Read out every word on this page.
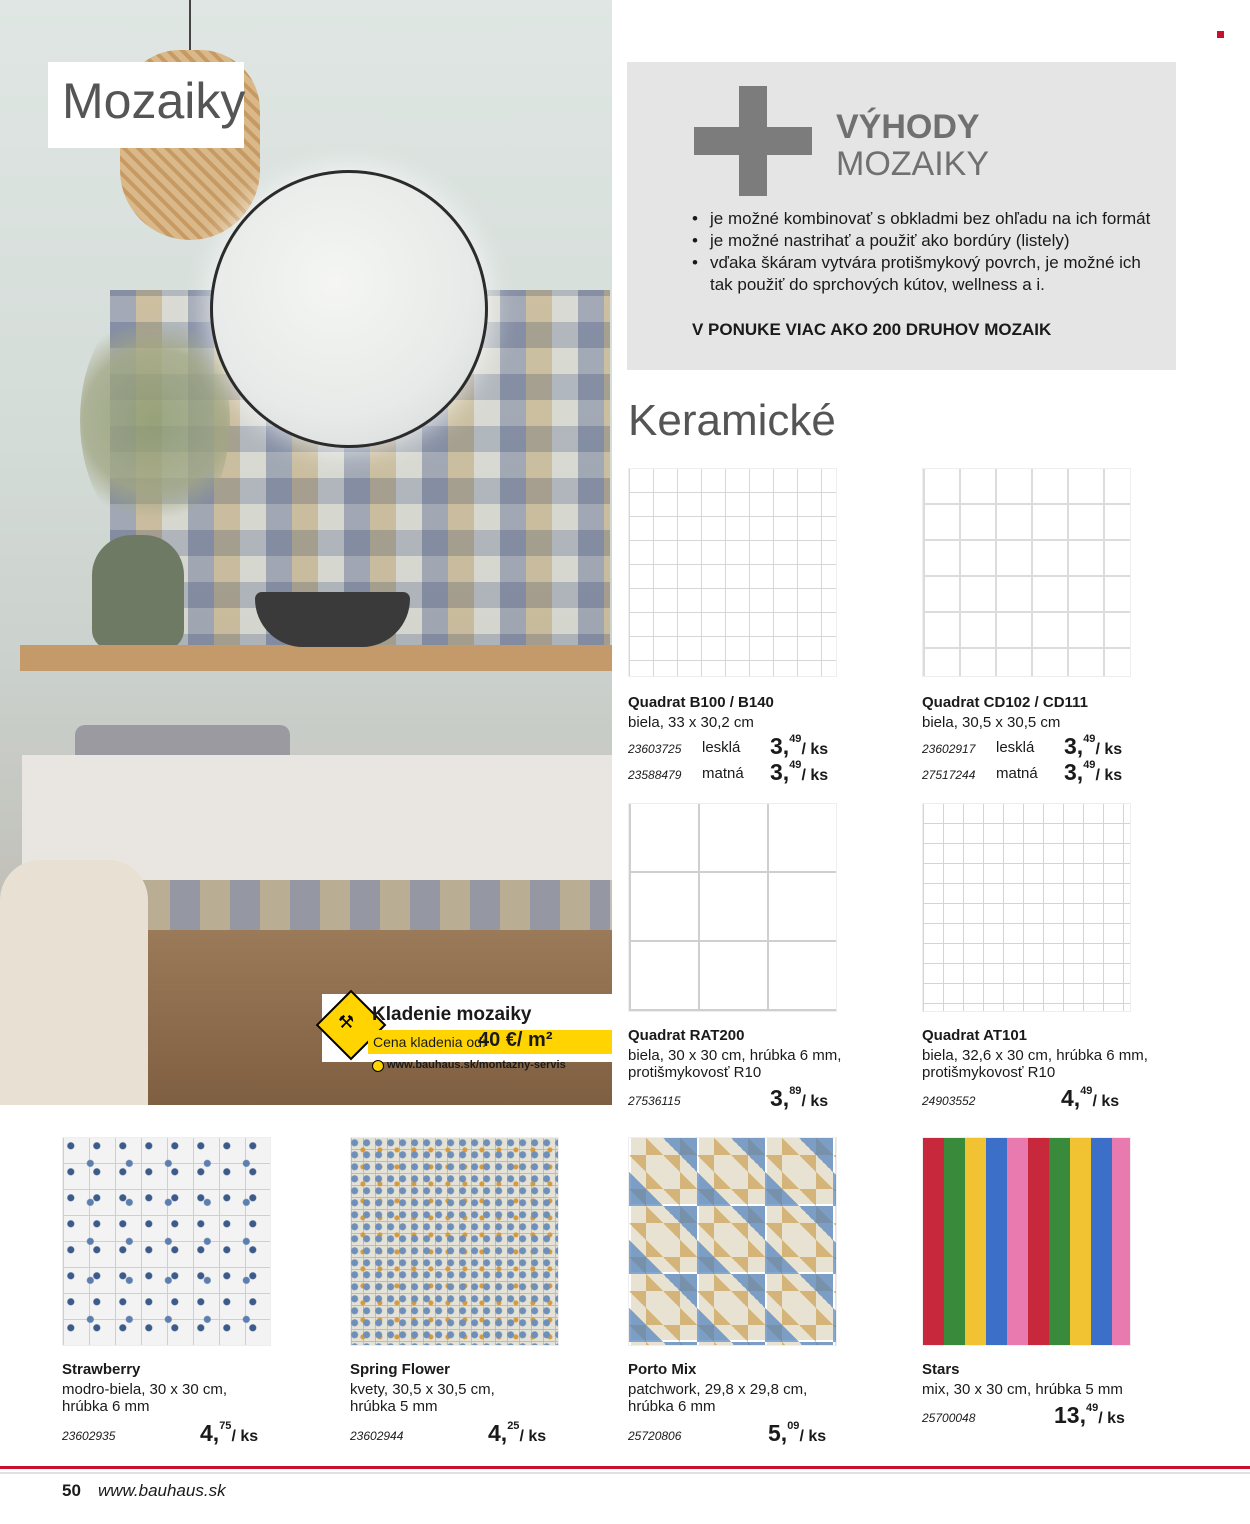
Mozaiky
⚒ Kladenie mozaiky
Cena kladenia od:
40 €/ m²
www.bauhaus.sk/montazny-servis
VÝHODY
MOZAIKY
• je možné kombinovať s obkladmi bez ohľadu na ich formát
• je možné nastrihať a použiť ako bordúry (listely)
• vďaka škáram vytvára protišmykový povrch, je možné ich tak použiť do sprchových kútov, wellness a i.
V PONUKE VIAC AKO 200 DRUHOV MOZAIK
Keramické
Quadrat B100 / B140
biela, 33 x 30,2 cm
23603725 lesklá 3,49/ ks
23588479 matná 3,49/ ks
Quadrat CD102 / CD111
biela, 30,5 x 30,5 cm
23602917 lesklá 3,49/ ks
27517244 matná 3,49/ ks
Quadrat RAT200
biela, 30 x 30 cm, hrúbka 6 mm,
protišmykovosť R10
27536115	3,89/ ks
Quadrat AT101
biela, 32,6 x 30 cm, hrúbka 6 mm,
protišmykovosť R10
24903552	4,49/ ks
Strawberry
modro-biela, 30 x 30 cm,
hrúbka 6 mm
23602935	4,75/ ks
Spring Flower
kvety, 30,5 x 30,5 cm,
hrúbka 5 mm
23602944	4,25/ ks
Porto Mix
patchwork, 29,8 x 29,8 cm,
hrúbka 6 mm
25720806	5,09/ ks
Stars
mix, 30 x 30 cm, hrúbka 5 mm
25700048	13,49/ ks
50 www.bauhaus.sk
